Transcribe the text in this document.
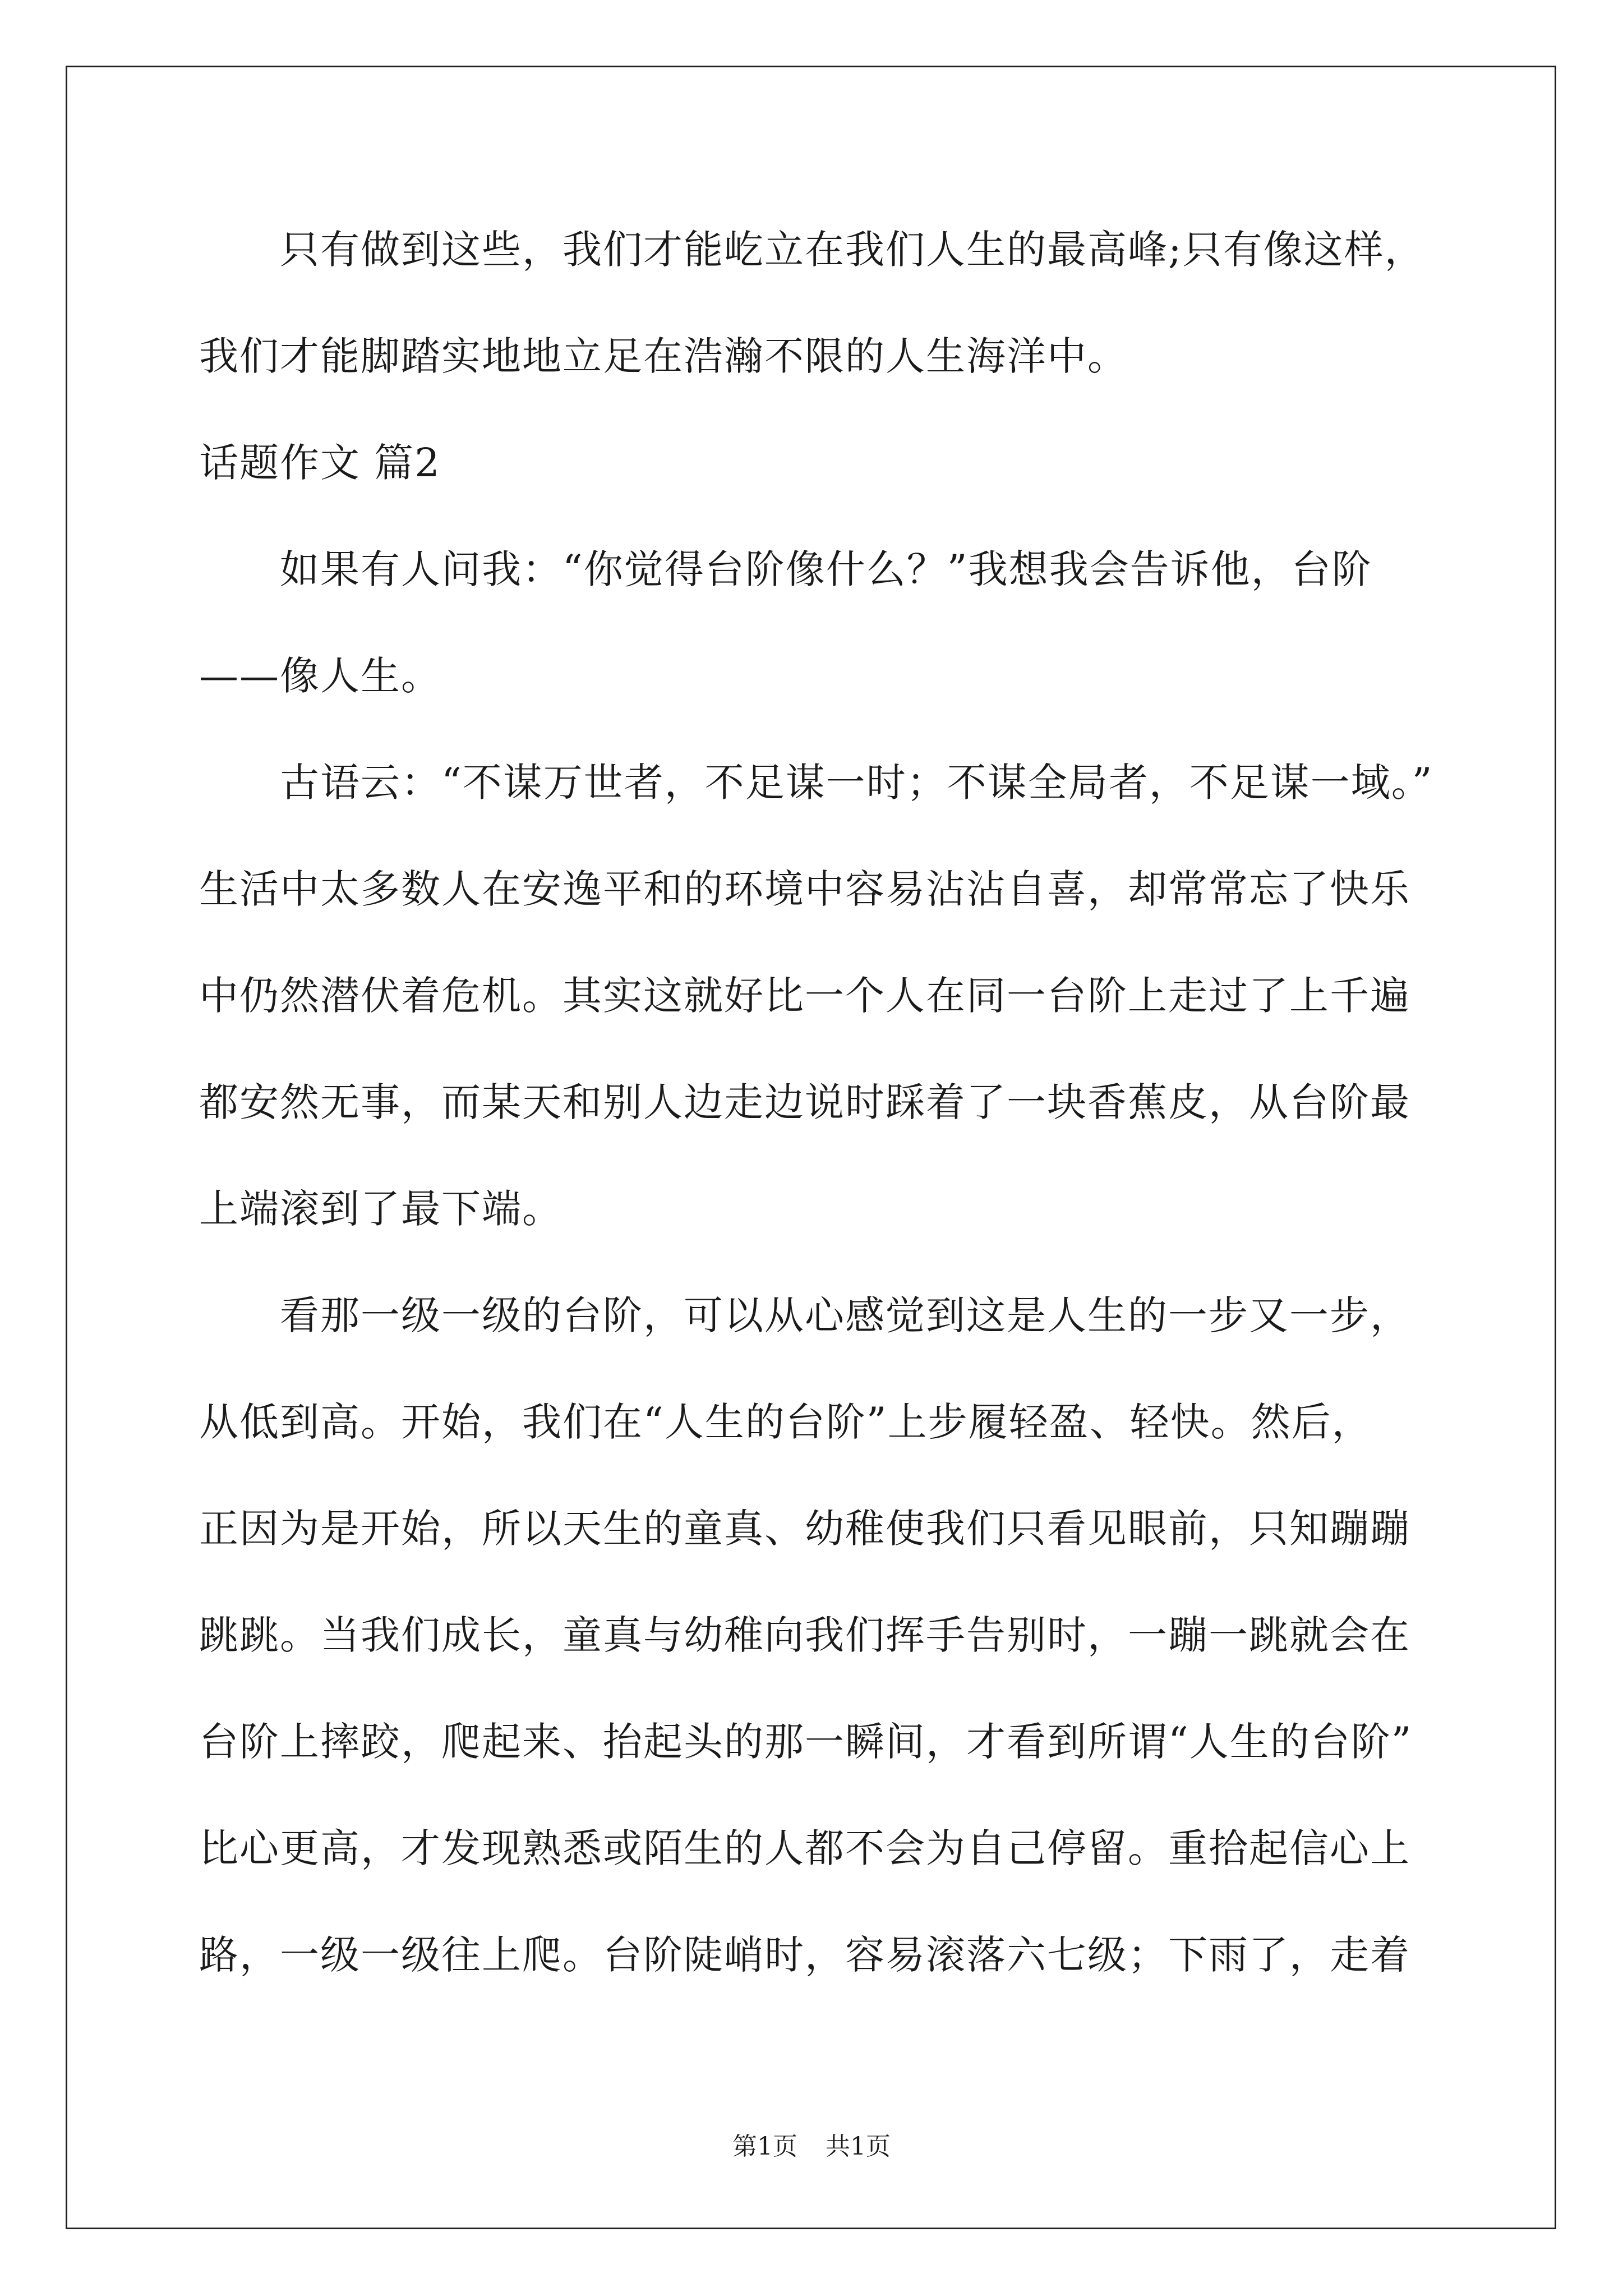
　　只有做到这些，我们才能屹立在我们人生的最高峰;只有像这样，
我们才能脚踏实地地立足在浩瀚不限的人生海洋中。
话题作文 篇2
　　如果有人问我：“你觉得台阶像什么？”我想我会告诉他，台阶
——像人生。
　　古语云：“不谋万世者，不足谋一时；不谋全局者，不足谋一域。”
生活中太多数人在安逸平和的环境中容易沾沾自喜，却常常忘了快乐
中仍然潜伏着危机。其实这就好比一个人在同一台阶上走过了上千遍
都安然无事，而某天和别人边走边说时踩着了一块香蕉皮，从台阶最
上端滚到了最下端。
　　看那一级一级的台阶，可以从心感觉到这是人生的一步又一步，
从低到高。开始，我们在“人生的台阶”上步履轻盈、轻快。然后，
正因为是开始，所以天生的童真、幼稚使我们只看见眼前，只知蹦蹦
跳跳。当我们成长，童真与幼稚向我们挥手告别时，一蹦一跳就会在
台阶上摔跤，爬起来、抬起头的那一瞬间，才看到所谓“人生的台阶”
比心更高，才发现熟悉或陌生的人都不会为自己停留。重拾起信心上
路，一级一级往上爬。台阶陡峭时，容易滚落六七级；下雨了，走着
第1页 共1页
